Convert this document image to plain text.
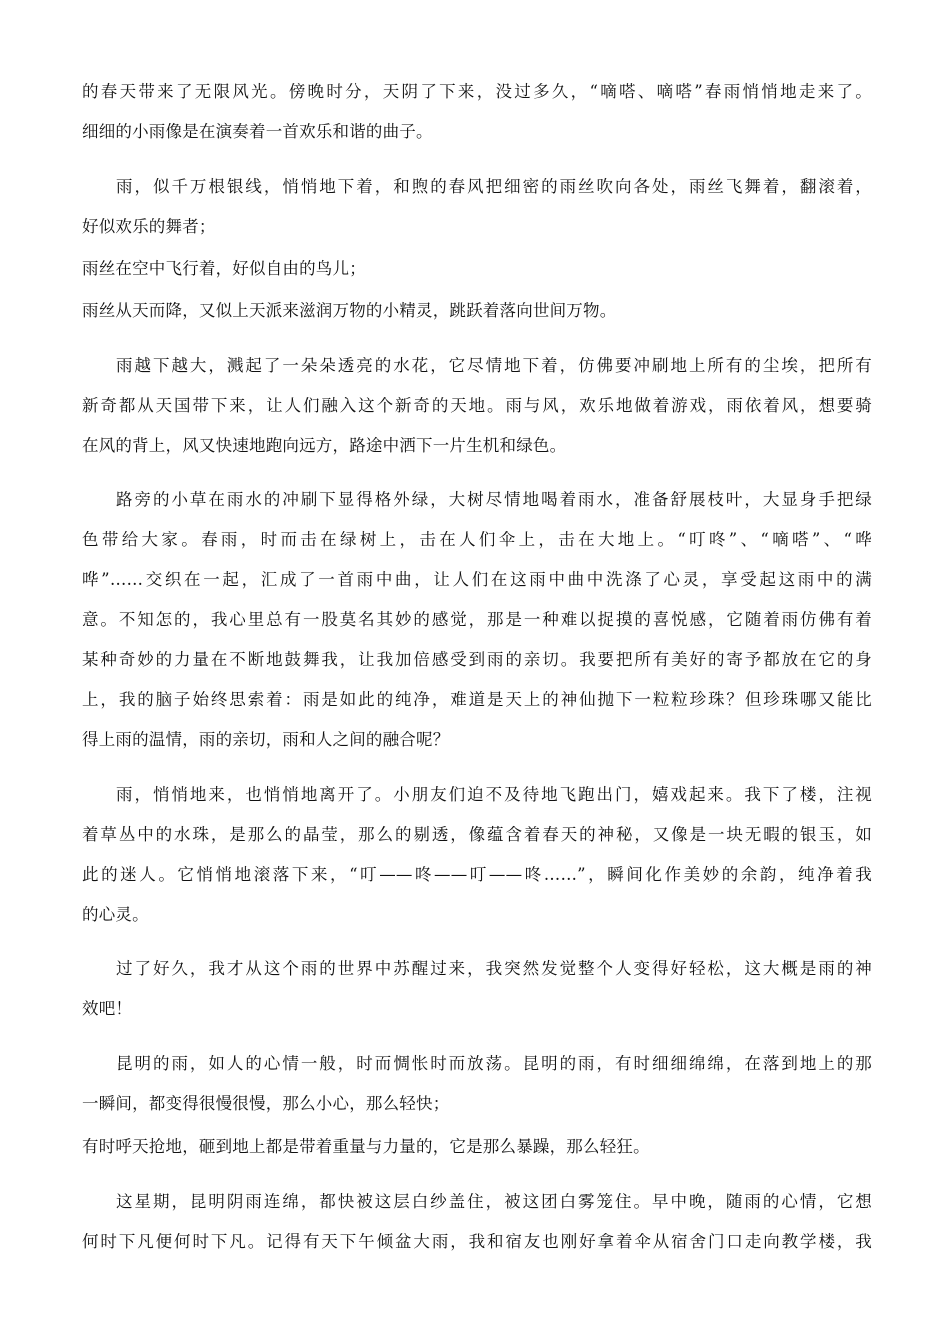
的春天带来了无限风光。傍晚时分，天阴了下来，没过多久，“嘀嗒、嘀嗒”春雨悄悄地走来了。
细细的小雨像是在演奏着一首欢乐和谐的曲子。
雨，似千万根银线，悄悄地下着，和煦的春风把细密的雨丝吹向各处，雨丝飞舞着，翻滚着，
好似欢乐的舞者；
雨丝在空中飞行着，好似自由的鸟儿；
雨丝从天而降，又似上天派来滋润万物的小精灵，跳跃着落向世间万物。
雨越下越大，溅起了一朵朵透亮的水花，它尽情地下着，仿佛要冲刷地上所有的尘埃，把所有
新奇都从天国带下来，让人们融入这个新奇的天地。雨与风，欢乐地做着游戏，雨依着风，想要骑
在风的背上，风又快速地跑向远方，路途中洒下一片生机和绿色。
路旁的小草在雨水的冲刷下显得格外绿，大树尽情地喝着雨水，准备舒展枝叶，大显身手把绿
色带给大家。春雨，时而击在绿树上，击在人们伞上，击在大地上。“叮咚”、“嘀嗒”、“哗
哗”……交织在一起，汇成了一首雨中曲，让人们在这雨中曲中洗涤了心灵，享受起这雨中的满
意。不知怎的，我心里总有一股莫名其妙的感觉，那是一种难以捉摸的喜悦感，它随着雨仿佛有着
某种奇妙的力量在不断地鼓舞我，让我加倍感受到雨的亲切。我要把所有美好的寄予都放在它的身
上，我的脑子始终思索着：雨是如此的纯净，难道是天上的神仙抛下一粒粒珍珠？但珍珠哪又能比
得上雨的温情，雨的亲切，雨和人之间的融合呢？
雨，悄悄地来，也悄悄地离开了。小朋友们迫不及待地飞跑出门，嬉戏起来。我下了楼，注视
着草丛中的水珠，是那么的晶莹，那么的剔透，像蕴含着春天的神秘，又像是一块无暇的银玉，如
此的迷人。它悄悄地滚落下来，“叮——咚——叮——咚……”，瞬间化作美妙的余韵，纯净着我
的心灵。
过了好久，我才从这个雨的世界中苏醒过来，我突然发觉整个人变得好轻松，这大概是雨的神
效吧！
昆明的雨，如人的心情一般，时而惆怅时而放荡。昆明的雨，有时细细绵绵，在落到地上的那
一瞬间，都变得很慢很慢，那么小心，那么轻快；
有时呼天抢地，砸到地上都是带着重量与力量的，它是那么暴躁，那么轻狂。
这星期，昆明阴雨连绵，都快被这层白纱盖住，被这团白雾笼住。早中晚，随雨的心情，它想
何时下凡便何时下凡。记得有天下午倾盆大雨，我和宿友也刚好拿着伞从宿舍门口走向教学楼，我
